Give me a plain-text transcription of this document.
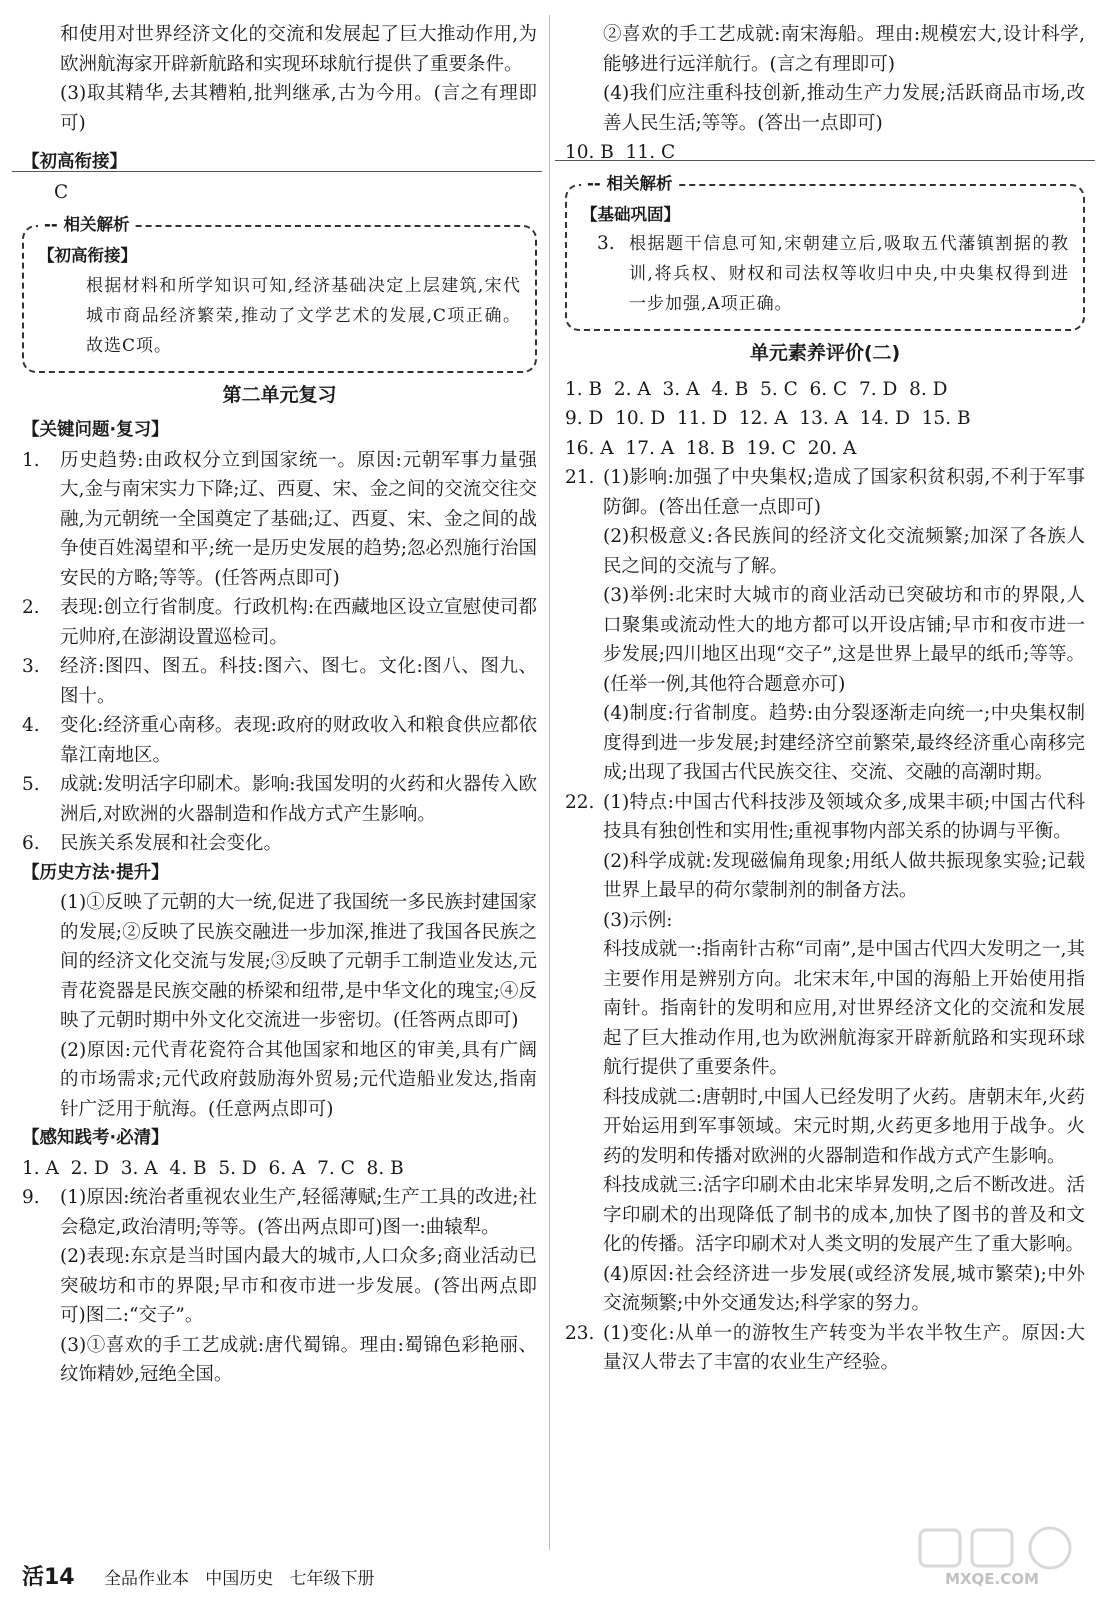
和使用对世界经济文化的交流和发展起了巨大推动作用,为欧洲航海家开辟新航路和实现环球航行提供了重要条件。

(3)取其精华,去其糟粕,批判继承,古为今用。(言之有理即可)

【初高衔接】

C

-- 相关解析

【初高衔接】

根据材料和所学知识可知,经济基础决定上层建筑,宋代城市商品经济繁荣,推动了文学艺术的发展,C项正确。故选C项。

第二单元复习

【关键问题·复习】

1. 历史趋势:由政权分立到国家统一。原因:元朝军事力量强大,金与南宋实力下降;辽、西夏、宋、金之间的交流交往交融,为元朝统一全国奠定了基础;辽、西夏、宋、金之间的战争使百姓渴望和平;统一是历史发展的趋势;忽必烈施行治国安民的方略;等等。(任答两点即可)

2. 表现:创立行省制度。行政机构:在西藏地区设立宣慰使司都元帅府,在澎湖设置巡检司。

3. 经济:图四、图五。科技:图六、图七。文化:图八、图九、图十。

4. 变化:经济重心南移。表现:政府的财政收入和粮食供应都依靠江南地区。

5. 成就:发明活字印刷术。影响:我国发明的火药和火器传入欧洲后,对欧洲的火器制造和作战方式产生影响。

6. 民族关系发展和社会变化。

【历史方法·提升】

(1)①反映了元朝的大一统,促进了我国统一多民族封建国家的发展;②反映了民族交融进一步加深,推进了我国各民族之间的经济文化交流与发展;③反映了元朝手工制造业发达,元青花瓷器是民族交融的桥梁和纽带,是中华文化的瑰宝;④反映了元朝时期中外文化交流进一步密切。(任答两点即可)

(2)原因:元代青花瓷符合其他国家和地区的审美,具有广阔的市场需求;元代政府鼓励海外贸易;元代造船业发达,指南针广泛用于航海。(任意两点即可)

【感知践考·必清】

1. A  2. D  3. A  4. B  5. D  6. A  7. C  8. B

9. (1)原因:统治者重视农业生产,轻徭薄赋;生产工具的改进;社会稳定,政治清明;等等。(答出两点即可)图一:曲辕犁。

(2)表现:东京是当时国内最大的城市,人口众多;商业活动已突破坊和市的界限;早市和夜市进一步发展。(答出两点即可)图二:“交子”。

(3)①喜欢的手工艺成就:唐代蜀锦。理由:蜀锦色彩艳丽、纹饰精妙,冠绝全国。

②喜欢的手工艺成就:南宋海船。理由:规模宏大,设计科学,能够进行远洋航行。(言之有理即可)

(4)我们应注重科技创新,推动生产力发展;活跃商品市场,改善人民生活;等等。(答出一点即可)

10. B  11. C

-- 相关解析

【基础巩固】

3. 根据题干信息可知,宋朝建立后,吸取五代藩镇割据的教训,将兵权、财权和司法权等收归中央,中央集权得到进一步加强,A项正确。

单元素养评价(二)

1. B  2. A  3. A  4. B  5. C  6. C  7. D  8. D

9. D  10. D  11. D  12. A  13. A  14. D  15. B

16. A  17. A  18. B  19. C  20. A

21. (1)影响:加强了中央集权;造成了国家积贫积弱,不利于军事防御。(答出任意一点即可)

(2)积极意义:各民族间的经济文化交流频繁;加深了各族人民之间的交流与了解。

(3)举例:北宋时大城市的商业活动已突破坊和市的界限,人口聚集或流动性大的地方都可以开设店铺;早市和夜市进一步发展;四川地区出现“交子”,这是世界上最早的纸币;等等。(任举一例,其他符合题意亦可)

(4)制度:行省制度。趋势:由分裂逐渐走向统一;中央集权制度得到进一步发展;封建经济空前繁荣,最终经济重心南移完成;出现了我国古代民族交往、交流、交融的高潮时期。

22. (1)特点:中国古代科技涉及领域众多,成果丰硕;中国古代科技具有独创性和实用性;重视事物内部关系的协调与平衡。

(2)科学成就:发现磁偏角现象;用纸人做共振现象实验;记载世界上最早的荷尔蒙制剂的制备方法。

(3)示例:

科技成就一:指南针古称“司南”,是中国古代四大发明之一,其主要作用是辨别方向。北宋末年,中国的海船上开始使用指南针。指南针的发明和应用,对世界经济文化的交流和发展起了巨大推动作用,也为欧洲航海家开辟新航路和实现环球航行提供了重要条件。

科技成就二:唐朝时,中国人已经发明了火药。唐朝末年,火药开始运用到军事领域。宋元时期,火药更多地用于战争。火药的发明和传播对欧洲的火器制造和作战方式产生影响。

科技成就三:活字印刷术由北宋毕昇发明,之后不断改进。活字印刷术的出现降低了制书的成本,加快了图书的普及和文化的传播。活字印刷术对人类文明的发展产生了重大影响。

(4)原因:社会经济进一步发展(或经济发展,城市繁荣);中外交流频繁;中外交通发达;科学家的努力。

23. (1)变化:从单一的游牧生产转变为半农半牧生产。原因:大量汉人带去了丰富的农业生产经验。

活14 全品作业本 中国历史 七年级下册	MXQE.COM
